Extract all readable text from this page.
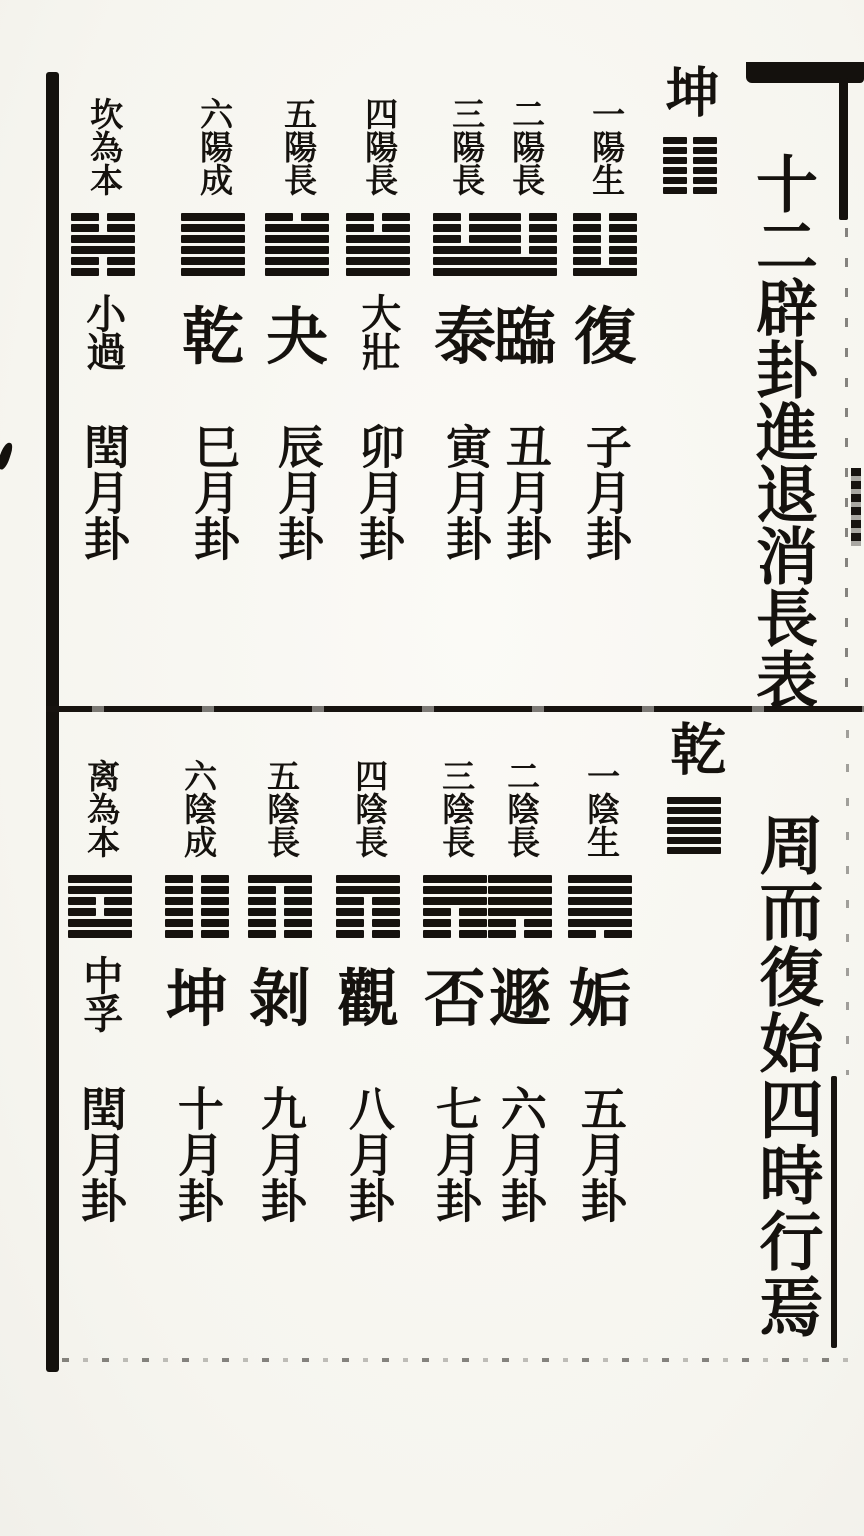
坤
十二辟卦進退消長表
一陽生
復
子月卦
二陽長
臨
丑月卦
三陽長
泰
寅月卦
四陽長
大壯
卯月卦
五陽長
夬
辰月卦
六陽成
乾
巳月卦
坎為本
小過
閏月卦
乾
周而復始四時行焉
一陰生
姤
五月卦
二陰長
遯
六月卦
三陰長
否
七月卦
四陰長
觀
八月卦
五陰長
剝
九月卦
六陰成
坤
十月卦
离為本
中孚
閏月卦
